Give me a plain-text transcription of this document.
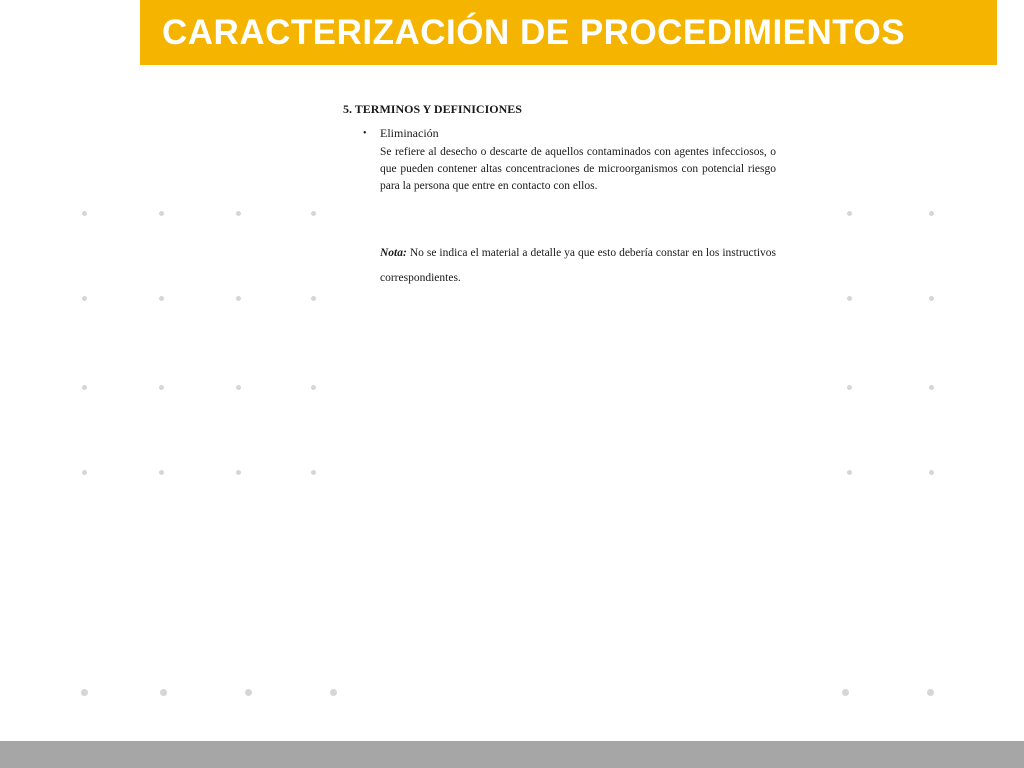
CARACTERIZACIÓN DE PROCEDIMIENTOS
5. TERMINOS Y DEFINICIONES
• Eliminación
Se refiere al desecho o descarte de aquellos contaminados con agentes infecciosos, o que pueden contener altas concentraciones de microorganismos con potencial riesgo para la persona que entre en contacto con ellos.
Nota: No se indica el material a detalle ya que esto debería constar en los instructivos correspondientes.
